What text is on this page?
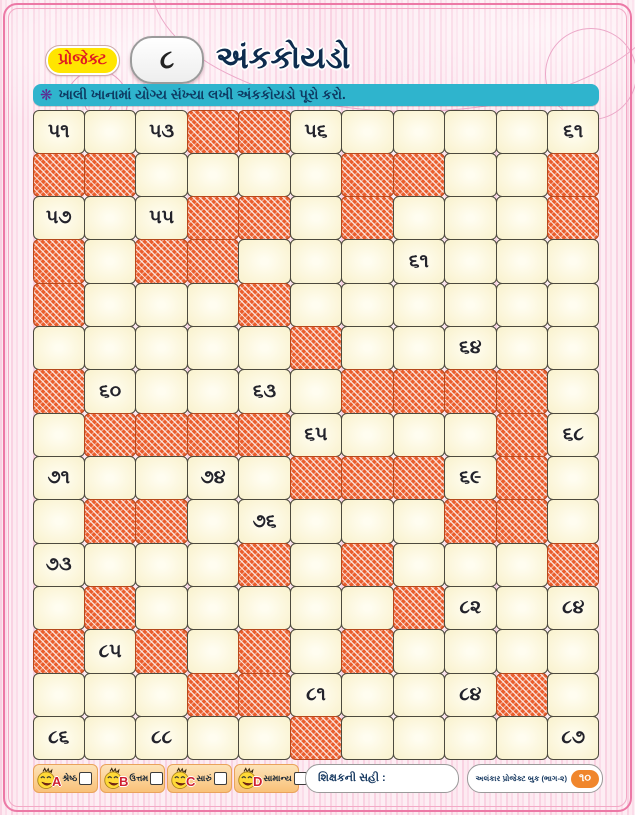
પ્રોજેક્ટ	૮	અંકકોયડો
❋ ખાલી ખાનામાં યોગ્ય સંખ્યા લખી અંકકોયડો પૂરો કરો.
૫૧	૫૩	૫૬	૬૧
૫૭	૫૫
૬૧
૬૪
૬૦	૬૩
૬૫	૬૮
૭૧	૭૪	૬૯
૭૬
૭૩
૮૨	૮૪
૮૫
૮૧	૮૪
૮૬	૮૮	૮૭
A શ્રેષ્ઠ	B ઉત્તમ	C સારું	D સામાન્ય શિક્ષકની સહી :	અલંકાર પ્રોજેક્ટ બુક (ભાગ-૨)	૧૦
